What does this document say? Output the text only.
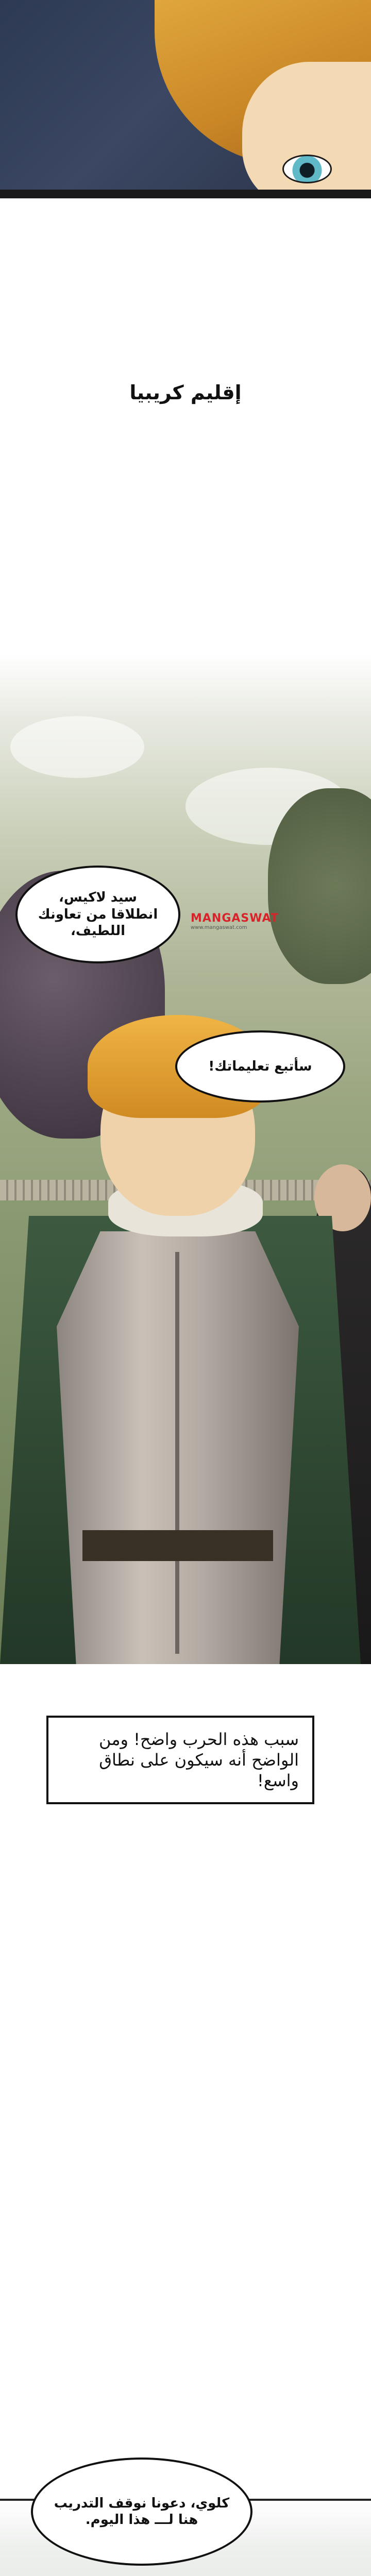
إقليم كريبيا
MANGASWAT
www.mangaswat.com
سيد لاكيس،
انطلاقا من تعاونك
اللطيف،
سأتبع تعليماتك!
سبب هذه الحرب واضح! ومن الواضح أنه سيكون على نطاق واسع!
كلوي، دعونا نوقف التدريب
هنا لـــ هذا اليوم.
